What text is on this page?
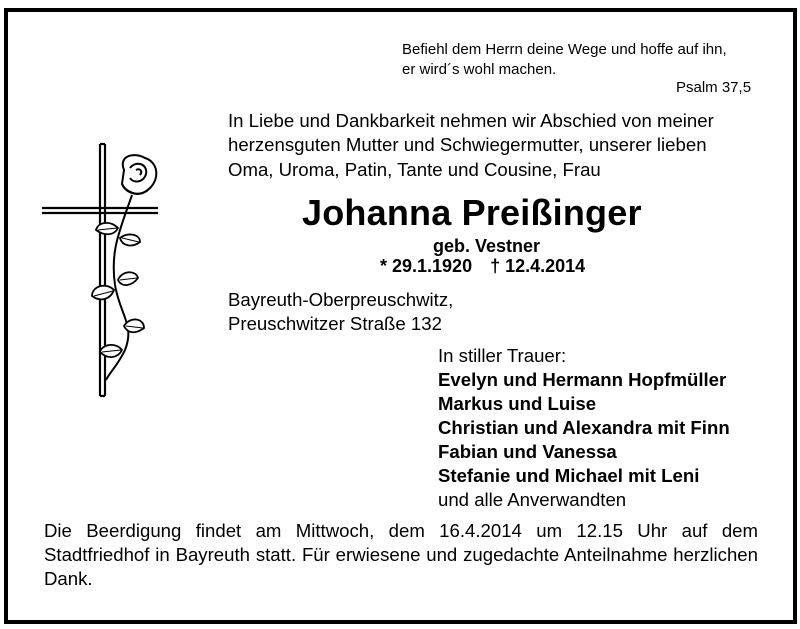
Befiehl dem Herrn deine Wege und hoffe auf ihn,
er wird´s wohl machen.
Psalm 37,5
In Liebe und Dankbarkeit nehmen wir Abschied von meiner
herzensguten Mutter und Schwiegermutter, unserer lieben
Oma, Uroma, Patin, Tante und Cousine, Frau
Johanna Preißinger
geb. Vestner
* 29.1.1920 † 12.4.2014
Bayreuth-Oberpreuschwitz,
Preuschwitzer Straße 132
In stiller Trauer:
Evelyn und Hermann Hopfmüller
Markus und Luise
Christian und Alexandra mit Finn
Fabian und Vanessa
Stefanie und Michael mit Leni
und alle Anverwandten
Die Beerdigung findet am Mittwoch, dem 16.4.2014 um 12.15 Uhr auf dem Stadtfriedhof in Bayreuth statt. Für erwiesene und zugedachte Anteilnahme herzlichen Dank.
